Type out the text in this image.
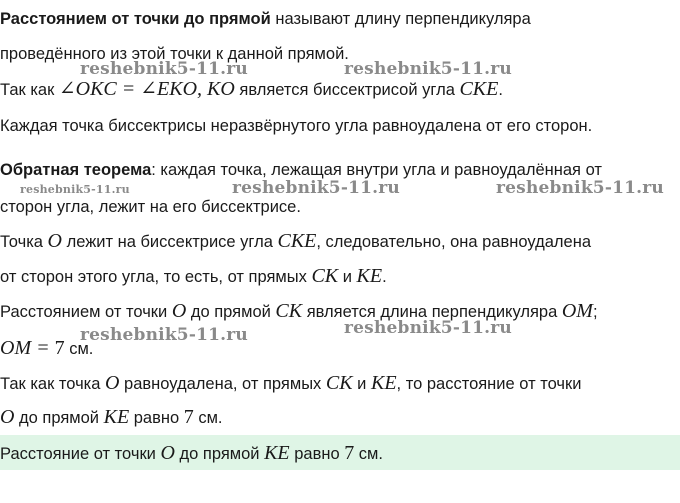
Расстоянием от точки до прямой называют длину перпендикуляра
проведённого из этой точки к данной прямой.
Так как ∠OKC = ∠EKO, KO является биссектрисой угла CKE.
Каждая точка биссектрисы неразвёрнутого угла равноудалена от его сторон.
Обратная теорема: каждая точка, лежащая внутри угла и равноудалённая от
сторон угла, лежит на его биссектрисе.
Точка O лежит на биссектрисе угла CKE, следовательно, она равноудалена
от сторон этого угла, то есть, от прямых CK и KE.
Расстоянием от точки O до прямой CK является длина перпендикуляра OM;
OM = 7 см.
Так как точка O равноудалена, от прямых CK и KE, то расстояние от точки
O до прямой KE равно 7 см.
Расстояние от точки O до прямой KE равно 7 см.
reshebnik5-11.ru	reshebnik5-11.ru
reshebnik5-11.ru	reshebnik5-11.ru	reshebnik5-11.ru
reshebnik5-11.ru	reshebnik5-11.ru
